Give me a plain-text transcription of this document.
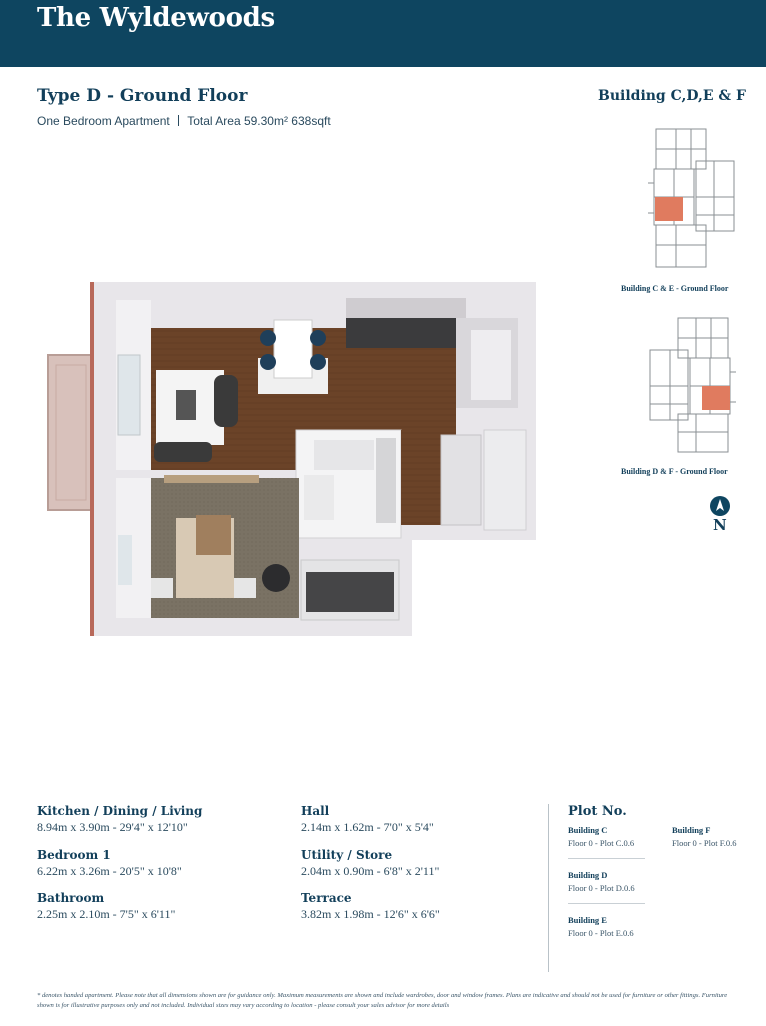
The Wyldewoods
Type D - Ground Floor
One Bedroom Apartment Total Area 59.30m² 638sqft
Building C,D,E & F
Building C & E - Ground Floor
Building D & F - Ground Floor
N
Kitchen / Dining / Living
8.94m x 3.90m - 29'4" x 12'10"
Bedroom 1
6.22m x 3.26m - 20'5" x 10'8"
Bathroom
2.25m x 2.10m - 7'5" x 6'11"
Hall
2.14m x 1.62m - 7'0" x 5'4"
Utility / Store
2.04m x 0.90m - 6'8" x 2'11"
Terrace
3.82m x 1.98m - 12'6" x 6'6"
Plot No.
Building C
Floor 0 - Plot C.0.6
Building D
Floor 0 - Plot D.0.6
Building E
Floor 0 - Plot E.0.6
Building F
Floor 0 - Plot F.0.6
* denotes handed apartment. Please note that all dimensions shown are for guidance only. Maximum measurements are shown and include wardrobes, door and window frames. Plans are indicative and should not be used for furniture or other fittings. Furniture shown is for illustrative purposes only and not included. Individual sizes may vary according to location - please consult your sales advisor for more details
